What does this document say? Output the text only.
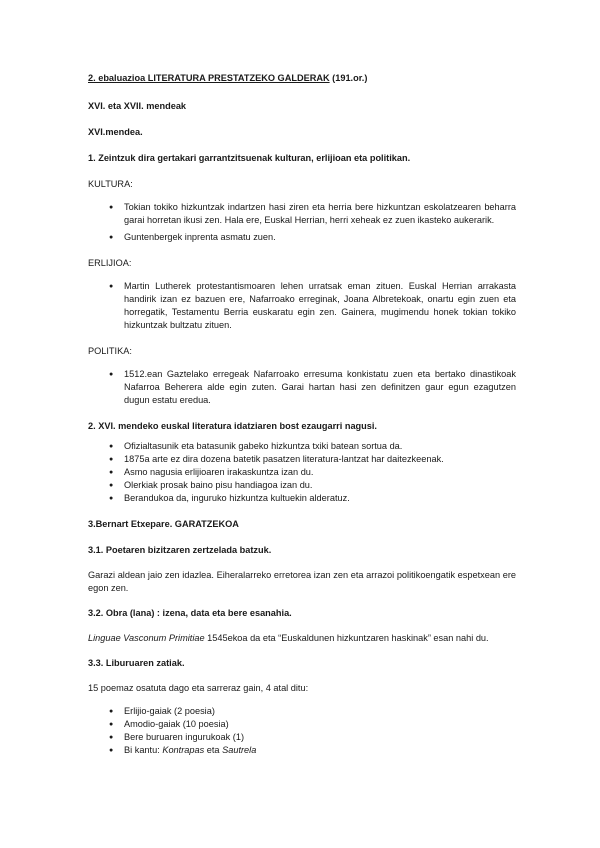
2. ebaluazioa LITERATURA PRESTATZEKO GALDERAK (191.or.)

XVI. eta XVII. mendeak

XVI.mendea.

1. Zeintzuk dira gertakari garrantzitsuenak kulturan, erlijioan eta politikan.

KULTURA:

● Tokian tokiko hizkuntzak indartzen hasi ziren eta herria bere hizkuntzan eskolatzearen beharra garai horretan ikusi zen. Hala ere, Euskal Herrian, herri xeheak ez zuen ikasteko aukerarik.
● Guntenbergek inprenta asmatu zuen.

ERLIJIOA:

● Martin Lutherek protestantismoaren lehen urratsak eman zituen. Euskal Herrian arrakasta handirik izan ez bazuen ere, Nafarroako erreginak, Joana Albretekoak, onartu egin zuen eta horregatik, Testamentu Berria euskaratu egin zen. Gainera, mugimendu honek tokian tokiko hizkuntzak bultzatu zituen.

POLITIKA:

● 1512.ean Gaztelako erregeak Nafarroako erresuma konkistatu zuen eta bertako dinastikoak Nafarroa Beherera alde egin zuten. Garai hartan hasi zen definitzen gaur egun ezagutzen dugun estatu eredua.

2. XVI. mendeko euskal literatura idatziaren bost ezaugarri nagusi.

● Ofizialtasunik eta batasunik gabeko hizkuntza txiki batean sortua da.
● 1875a arte ez dira dozena batetik pasatzen literatura-lantzat har daitezkeenak.
● Asmo nagusia erlijioaren irakaskuntza izan du.
● Olerkiak prosak baino pisu handiagoa izan du.
● Berandukoa da, inguruko hizkuntza kultuekin alderatuz.

3.Bernart Etxepare. GARATZEKOA

3.1. Poetaren bizitzaren zertzelada batzuk.

Garazi aldean jaio zen idazlea. Eiheralarreko erretorea izan zen eta arrazoi politikoengatik espetxean ere egon zen.

3.2. Obra (lana) : izena, data eta bere esanahia.

Linguae Vasconum Primitiae 1545ekoa da eta “Euskaldunen hizkuntzaren haskinak” esan nahi du.

3.3. Liburuaren zatiak.

15 poemaz osatuta dago eta sarreraz gain, 4 atal ditu:

● Erlijio-gaiak (2 poesia)
● Amodio-gaiak (10 poesia)
● Bere buruaren ingurukoak (1)
● Bi kantu: Kontrapas eta Sautrela
